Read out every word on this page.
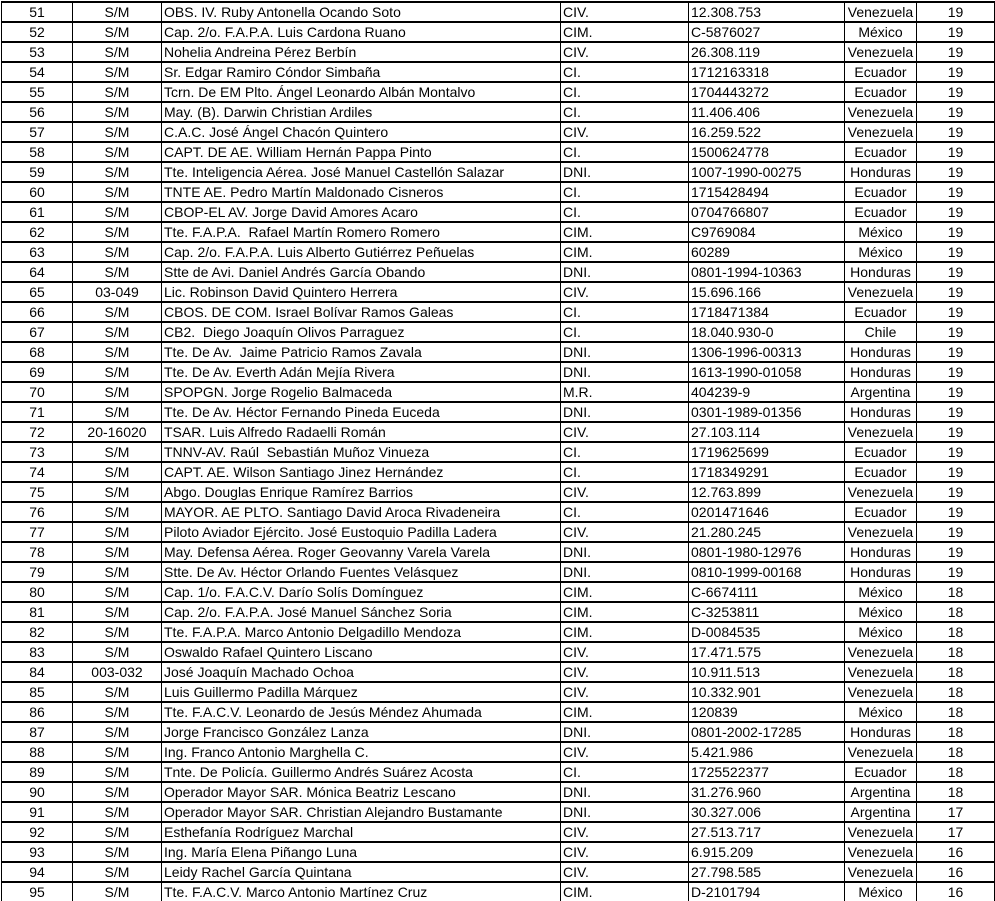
51	S/M	OBS. IV. Ruby Antonella Ocando Soto	CIV.	12.308.753	Venezuela	19
52	S/M	Cap. 2/o. F.A.P.A. Luis Cardona Ruano	CIM.	C-5876027	México	19
53	S/M	Nohelia Andreina Pérez Berbín	CIV.	26.308.119	Venezuela	19
54	S/M	Sr. Edgar Ramiro Cóndor Simbaña	CI.	1712163318	Ecuador	19
55	S/M	Tcrn. De EM Plto. Ángel Leonardo Albán Montalvo	CI.	1704443272	Ecuador	19
56	S/M	May. (B). Darwin Christian Ardiles	CI.	11.406.406	Venezuela	19
57	S/M	C.A.C. José Ángel Chacón Quintero	CIV.	16.259.522	Venezuela	19
58	S/M	CAPT. DE AE. William Hernán Pappa Pinto	CI.	1500624778	Ecuador	19
59	S/M	Tte. Inteligencia Aérea. José Manuel Castellón Salazar	DNI.	1007-1990-00275	Honduras	19
60	S/M	TNTE AE. Pedro Martín Maldonado Cisneros	CI.	1715428494	Ecuador	19
61	S/M	CBOP-EL AV. Jorge David Amores Acaro	CI.	0704766807	Ecuador	19
62	S/M	Tte. F.A.P.A.  Rafael Martín Romero Romero	CIM.	C9769084	México	19
63	S/M	Cap. 2/o. F.A.P.A. Luis Alberto Gutiérrez Peñuelas	CIM.	60289	México	19
64	S/M	Stte de Avi. Daniel Andrés García Obando	DNI.	0801-1994-10363	Honduras	19
65	03-049	Lic. Robinson David Quintero Herrera	CIV.	15.696.166	Venezuela	19
66	S/M	CBOS. DE COM. Israel Bolívar Ramos Galeas	CI.	1718471384	Ecuador	19
67	S/M	CB2.  Diego Joaquín Olivos Parraguez	CI.	18.040.930-0	Chile	19
68	S/M	Tte. De Av.  Jaime Patricio Ramos Zavala	DNI.	1306-1996-00313	Honduras	19
69	S/M	Tte. De Av. Everth Adán Mejía Rivera	DNI.	1613-1990-01058	Honduras	19
70	S/M	SPOPGN. Jorge Rogelio Balmaceda	M.R.	404239-9	Argentina	19
71	S/M	Tte. De Av. Héctor Fernando Pineda Euceda	DNI.	0301-1989-01356	Honduras	19
72	20-16020	TSAR. Luis Alfredo Radaelli Román	CIV.	27.103.114	Venezuela	19
73	S/M	TNNV-AV. Raúl  Sebastián Muñoz Vinueza	CI.	1719625699	Ecuador	19
74	S/M	CAPT. AE. Wilson Santiago Jinez Hernández	CI.	1718349291	Ecuador	19
75	S/M	Abgo. Douglas Enrique Ramírez Barrios	CIV.	12.763.899	Venezuela	19
76	S/M	MAYOR. AE PLTO. Santiago David Aroca Rivadeneira	CI.	0201471646	Ecuador	19
77	S/M	Piloto Aviador Ejército. José Eustoquio Padilla Ladera	CIV.	21.280.245	Venezuela	19
78	S/M	May. Defensa Aérea. Roger Geovanny Varela Varela	DNI.	0801-1980-12976	Honduras	19
79	S/M	Stte. De Av. Héctor Orlando Fuentes Velásquez	DNI.	0810-1999-00168	Honduras	19
80	S/M	Cap. 1/o. F.A.C.V. Darío Solís Domínguez	CIM.	C-6674111	México	18
81	S/M	Cap. 2/o. F.A.P.A. José Manuel Sánchez Soria	CIM.	C-3253811	México	18
82	S/M	Tte. F.A.P.A. Marco Antonio Delgadillo Mendoza	CIM.	D-0084535	México	18
83	S/M	Oswaldo Rafael Quintero Liscano	CIV.	17.471.575	Venezuela	18
84	003-032	José Joaquín Machado Ochoa	CIV.	10.911.513	Venezuela	18
85	S/M	Luis Guillermo Padilla Márquez	CIV.	10.332.901	Venezuela	18
86	S/M	Tte. F.A.C.V. Leonardo de Jesús Méndez Ahumada	CIM.	120839	México	18
87	S/M	Jorge Francisco González Lanza	DNI.	0801-2002-17285	Honduras	18
88	S/M	Ing. Franco Antonio Marghella C.	CIV.	5.421.986	Venezuela	18
89	S/M	Tnte. De Policía. Guillermo Andrés Suárez Acosta	CI.	1725522377	Ecuador	18
90	S/M	Operador Mayor SAR. Mónica Beatriz Lescano	DNI.	31.276.960	Argentina	18
91	S/M	Operador Mayor SAR. Christian Alejandro Bustamante	DNI.	30.327.006	Argentina	17
92	S/M	Esthefanía Rodríguez Marchal	CIV.	27.513.717	Venezuela	17
93	S/M	Ing. María Elena Piñango Luna	CIV.	6.915.209	Venezuela	16
94	S/M	Leidy Rachel García Quintana	CIV.	27.798.585	Venezuela	16
95	S/M	Tte. F.A.C.V. Marco Antonio Martínez Cruz	CIM.	D-2101794	México	16
